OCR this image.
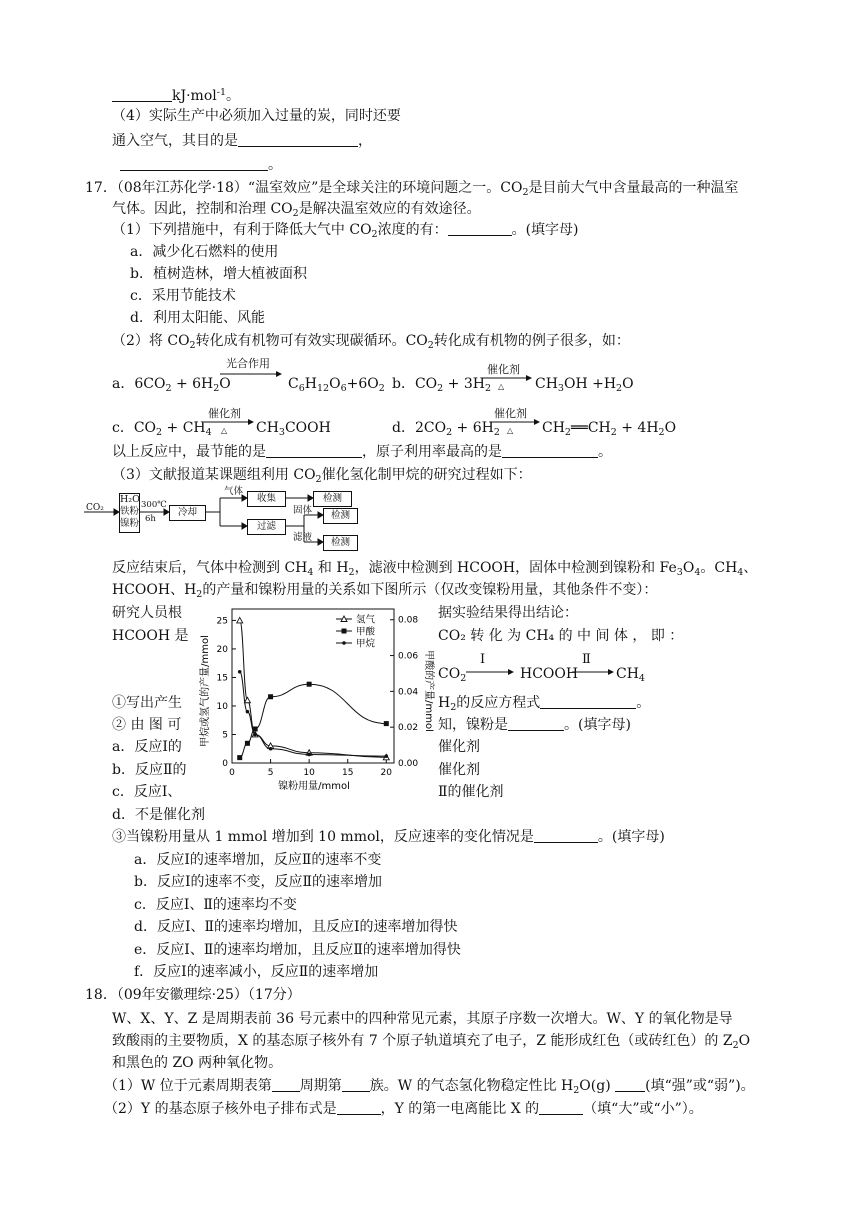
kJ·mol$^{-1}$。
（4）实际生产中必须加入过量的炭，同时还要
通入空气，其目的是	，
。
17．（08年江苏化学·18）“温室效应”是全球关注的环境问题之一。$CO_2$是目前大气中含量最高的一种温室
气体。因此，控制和治理 $CO_2$是解决温室效应的有效途径。
（1）下列措施中，有利于降低大气中 $CO_2$浓度的有：	。(填字母)
a．减少化石燃料的使用
b．植树造林，增大植被面积
c．采用节能技术
d．利用太阳能、风能
（2）将 $CO_2$转化成有机物可有效实现碳循环。$CO_2$转化成有机物的例子很多，如：
a．$6CO_2 + 6H_2O$
光合作用
$C_6H_{12}O_6+6O_2$ b．$CO_2 + 3H_2$
催化剂
△ $CH_3OH +H_2O$
c．$CO_2 + CH_4$
催化剂
△ $CH_3COOH$	d．$2CO_2 + 6H_2$
催化剂
△ $CH_2══CH_2 + 4H_2O$
以上反应中，最节能的是	，原子利用率最高的是	。
（3）文献报道某课题组利用 $CO_2$催化氢化制甲烷的研究过程如下：
CO₂
H₂O
铁粉
镍粉
300℃
6h
冷却
气体
收集	检测
过滤
固体
滤液
检测
检测
反应结束后，气体中检测到 $CH_4$ 和 $H_2$，滤液中检测到 HCOOH，固体中检测到镍粉和 $Fe_3O_4$。$CH_4$、
HCOOH、$H_2$的产量和镍粉用量的关系如下图所示（仅改变镍粉用量，其他条件不变）：
研究人员根	据实验结果得出结论：
HCOOH 是	CO₂ 转 化 为 CH₄ 的 中 间 体 ， 即 ：
$CO_2$
Ⅰ
HCOOH
Ⅱ
$CH_4$
①写出产生	$H_2$的反应方程式	。
② 由 图 可	知，镍粉是	。(填字母)
a．反应Ⅰ的	催化剂
b．反应Ⅱ的	催化剂
c．反应Ⅰ、	Ⅱ的催化剂
d．不是催化剂
0	5	10	15	20
0
5
10
15
20
25
0.00
0.02
0.04
0.06
0.08
氢气
甲酸
甲烷
甲烷或氢气的产量/mmol	甲酸的产量/mmol
镍粉用量/mmol
③当镍粉用量从 1 mmol 增加到 10 mmol，反应速率的变化情况是	。(填字母)
a．反应Ⅰ的速率增加，反应Ⅱ的速率不变
b．反应Ⅰ的速率不变，反应Ⅱ的速率增加
c．反应Ⅰ、Ⅱ的速率均不变
d．反应Ⅰ、Ⅱ的速率均增加，且反应Ⅰ的速率增加得快
e．反应Ⅰ、Ⅱ的速率均增加，且反应Ⅱ的速率增加得快
f．反应Ⅰ的速率减小，反应Ⅱ的速率增加
18．（09年安徽理综·25）（17分）
W、X、Y、Z 是周期表前 36 号元素中的四种常见元素，其原子序数一次增大。W、Y 的氧化物是导
致酸雨的主要物质，X 的基态原子核外有 7 个原子轨道填充了电子，Z 能形成红色（或砖红色）的 $Z_2O$
和黑色的 ZO 两种氧化物。
（1）W 位于元素周期表第 周期第 族。W 的气态氢化物稳定性比 $H_2O(g)$ (填“强”或“弱”)。
（2）Y 的基态原子核外电子排布式是	，Y 的第一电离能比 X 的	（填“大”或“小”）。
